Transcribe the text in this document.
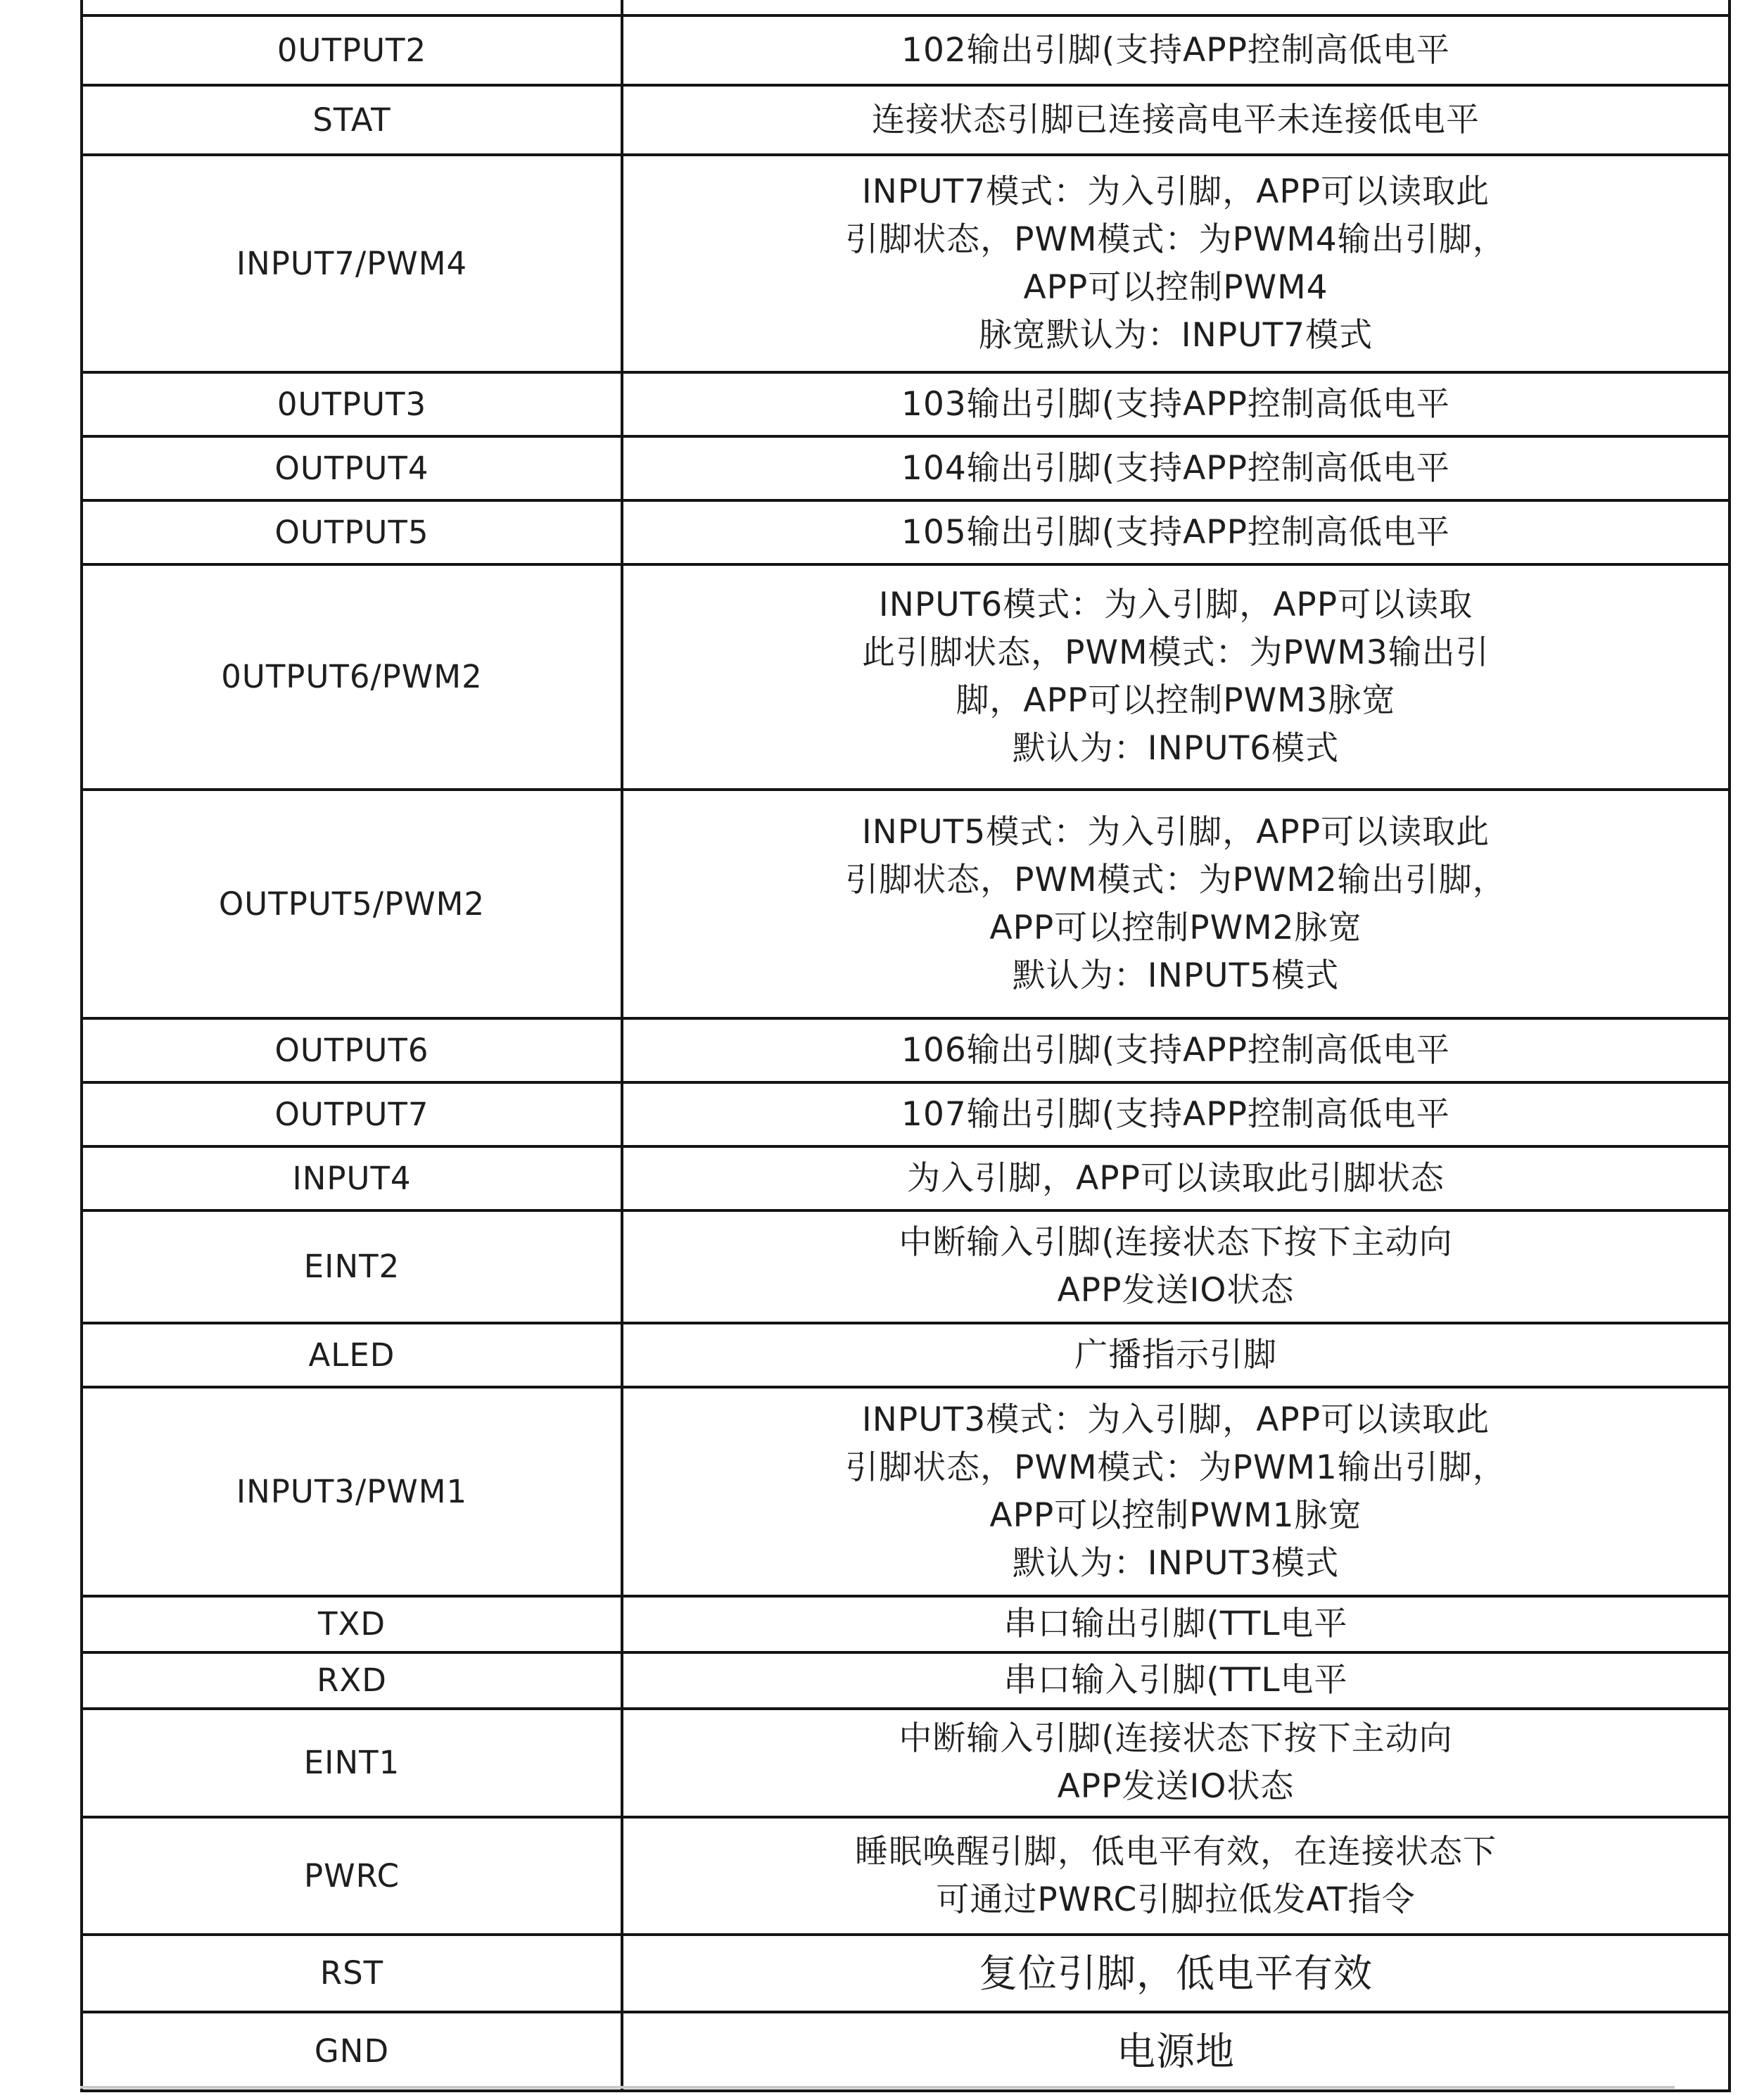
0UTPUT2	102输出引脚(支持APP控制高低电平
STAT	连接状态引脚已连接高电平未连接低电平
INPUT7/PWM4	INPUT7模式：为入引脚，APP可以读取此
引脚状态，PWM模式：为PWM4输出引脚，
APP可以控制PWM4
脉宽默认为：INPUT7模式
0UTPUT3	103输出引脚(支持APP控制高低电平
OUTPUT4	104输出引脚(支持APP控制高低电平
OUTPUT5	105输出引脚(支持APP控制高低电平
0UTPUT6/PWM2	INPUT6模式：为入引脚，APP可以读取
此引脚状态，PWM模式：为PWM3输出引
脚，APP可以控制PWM3脉宽
默认为：INPUT6模式
OUTPUT5/PWM2	INPUT5模式：为入引脚，APP可以读取此
引脚状态，PWM模式：为PWM2输出引脚，
APP可以控制PWM2脉宽
默认为：INPUT5模式
OUTPUT6	106输出引脚(支持APP控制高低电平
OUTPUT7	107输出引脚(支持APP控制高低电平
INPUT4	为入引脚，APP可以读取此引脚状态
EINT2	中断输入引脚(连接状态下按下主动向
APP发送IO状态
ALED	广播指示引脚
INPUT3/PWM1	INPUT3模式：为入引脚，APP可以读取此
引脚状态，PWM模式：为PWM1输出引脚，
APP可以控制PWM1脉宽
默认为：INPUT3模式
TXD	串口输出引脚(TTL电平
RXD	串口输入引脚(TTL电平
EINT1	中断输入引脚(连接状态下按下主动向
APP发送IO状态
PWRC	睡眠唤醒引脚，低电平有效，在连接状态下
可通过PWRC引脚拉低发AT指令
RST	复位引脚，低电平有效
GND	电源地
